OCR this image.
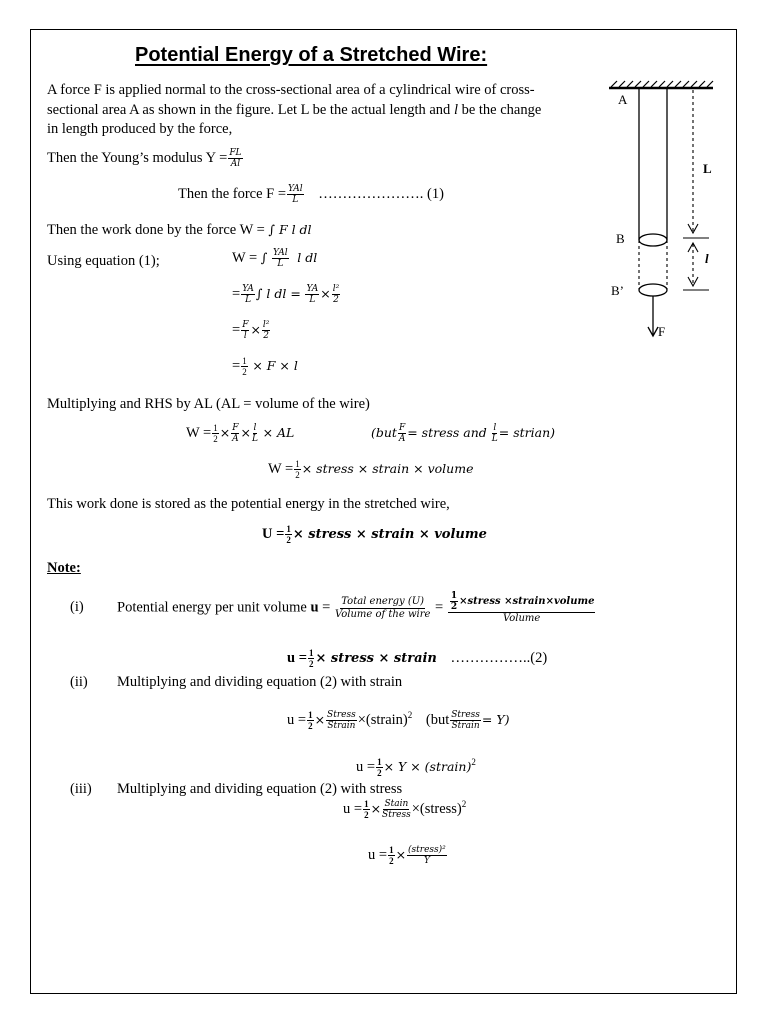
Potential Energy of a Stretched Wire:
A force F is applied normal to the cross-sectional area of a cylindrical wire of cross-
sectional area A as shown in the figure. Let L be the actual length and l be the change
in length produced by the force,
Then the Young’s modulus $Y = \frac{FL}{Al}$
Then the force $F = \frac{\text{YAl}}{L}$ …………………. (1)
Then the work done by the force W = ∫ F l dl
Using equation (1);	W = ∫ $\frac{\text{YAl}}{L}$ l dl
= $\frac{YA}{L}$ ∫ l dl = $\frac{YA}{L} \times \frac{\text{l²}}{2}$
= $\frac{F}{l} \times \frac{\text{l²}}{2}$
= $\frac{1}{2} \times F \times l$
Multiplying and RHS by AL (AL = volume of the wire)
$W = \frac{1}{2} \times \frac{F}{A} \times \frac{l}{L}$ × AL	($but \frac{F}{A}$ = stress and $\frac{l}{L}$ = strian)
$W = \frac{1}{2}$ × stress × strain × volume
This work done is stored as the potential energy in the stretched wire,
$U = \frac{1}{2}$ × stress × strain × volume
Note:
(i) Potential energy per unit volume $u = \frac{\text{Total energy (U)}}{\text{Volume of the wire}} = \frac{\frac{1}{2} \times stress \times strain\times volume}{\text{Volume}}$
$u = \frac{1}{2}$ × stress × strain ……………..(2)
(ii) Multiplying and dividing equation (2) with strain
$u = \frac{1}{2} \times \frac{\text{Stress}}{\text{Strain}}$ ×(strain)$^2$ $(but \frac{\text{Stress}}{\text{Strain}} = Y)$
$u = \frac{1}{2} \times Y$ × (strain)$^2$
(iii) Multiplying and dividing equation (2) with stress
$u = \frac{1}{2} \times \frac{\text{Stain}}{\text{Stress}}$ ×(stress)$^2$
$u = \frac{1}{2} \times \frac{\text{(stress)²}}{Y}$
A
B
B’
L
l
F
